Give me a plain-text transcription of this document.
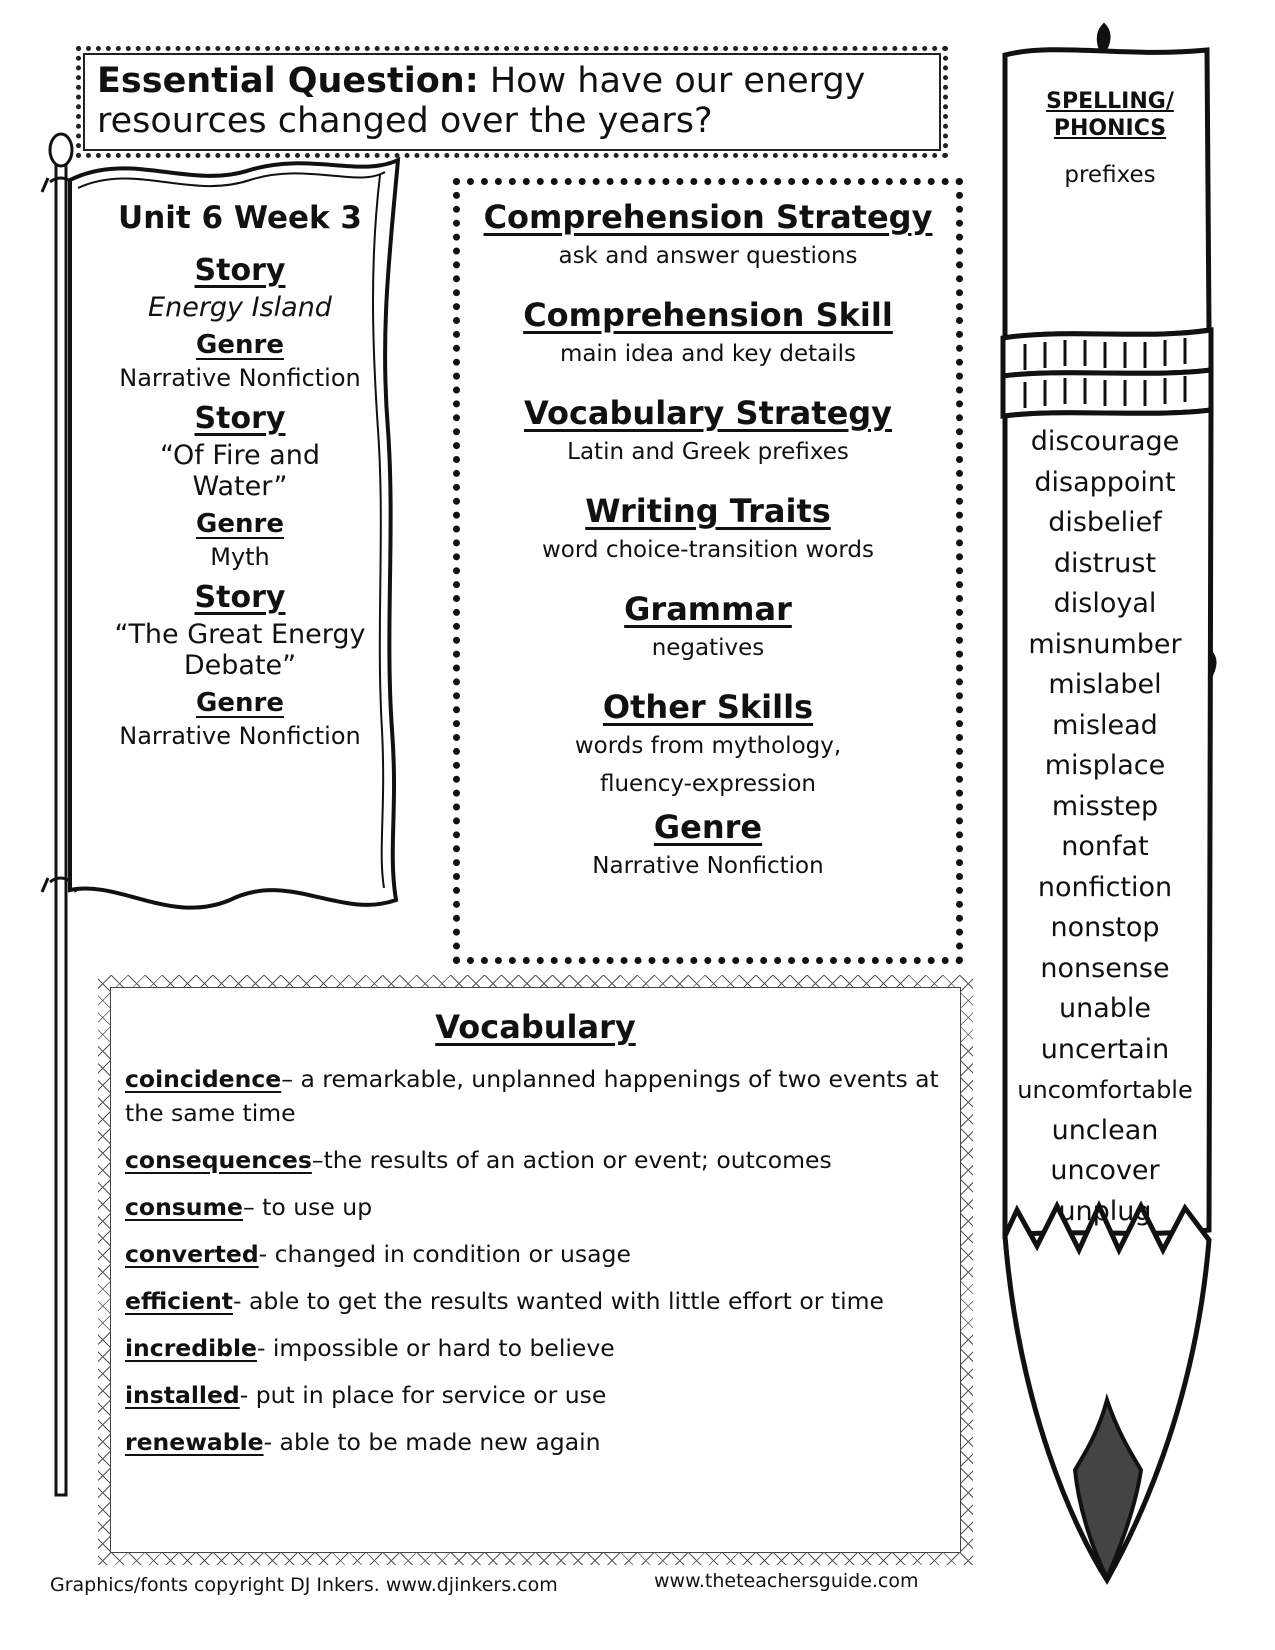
Essential Question: How have our energy resources changed over the years?

Unit 6 Week 3

Story

Energy Island

Genre

Narrative Nonfiction

Story

“Of Fire and Water”

Genre

Myth

Story

“The Great Energy Debate”

Genre

Narrative Nonfiction

Comprehension Strategy

ask and answer questions

Comprehension Skill

main idea and key details

Vocabulary Strategy

Latin and Greek prefixes

Writing Traits

word choice-transition words

Grammar

negatives

Other Skills

words from mythology,

fluency-expression

Genre

Narrative Nonfiction

Vocabulary

coincidence– a remarkable, unplanned happenings of two events at the same time

consequences–the results of an action or event; outcomes

consume– to use up

converted- changed in condition or usage

efficient- able to get the results wanted with little effort or time

incredible- impossible or hard to believe

installed- put in place for service or use

renewable- able to be made new again

SPELLING/
PHONICS
prefixes

discourage

disappoint

disbelief

distrust

disloyal

misnumber

mislabel

mislead

misplace

misstep

nonfat

nonfiction

nonstop

nonsense

unable

uncertain

uncomfortable

unclean

uncover

unplug

Graphics/fonts copyright DJ Inkers. www.djinkers.com	www.theteachersguide.com
